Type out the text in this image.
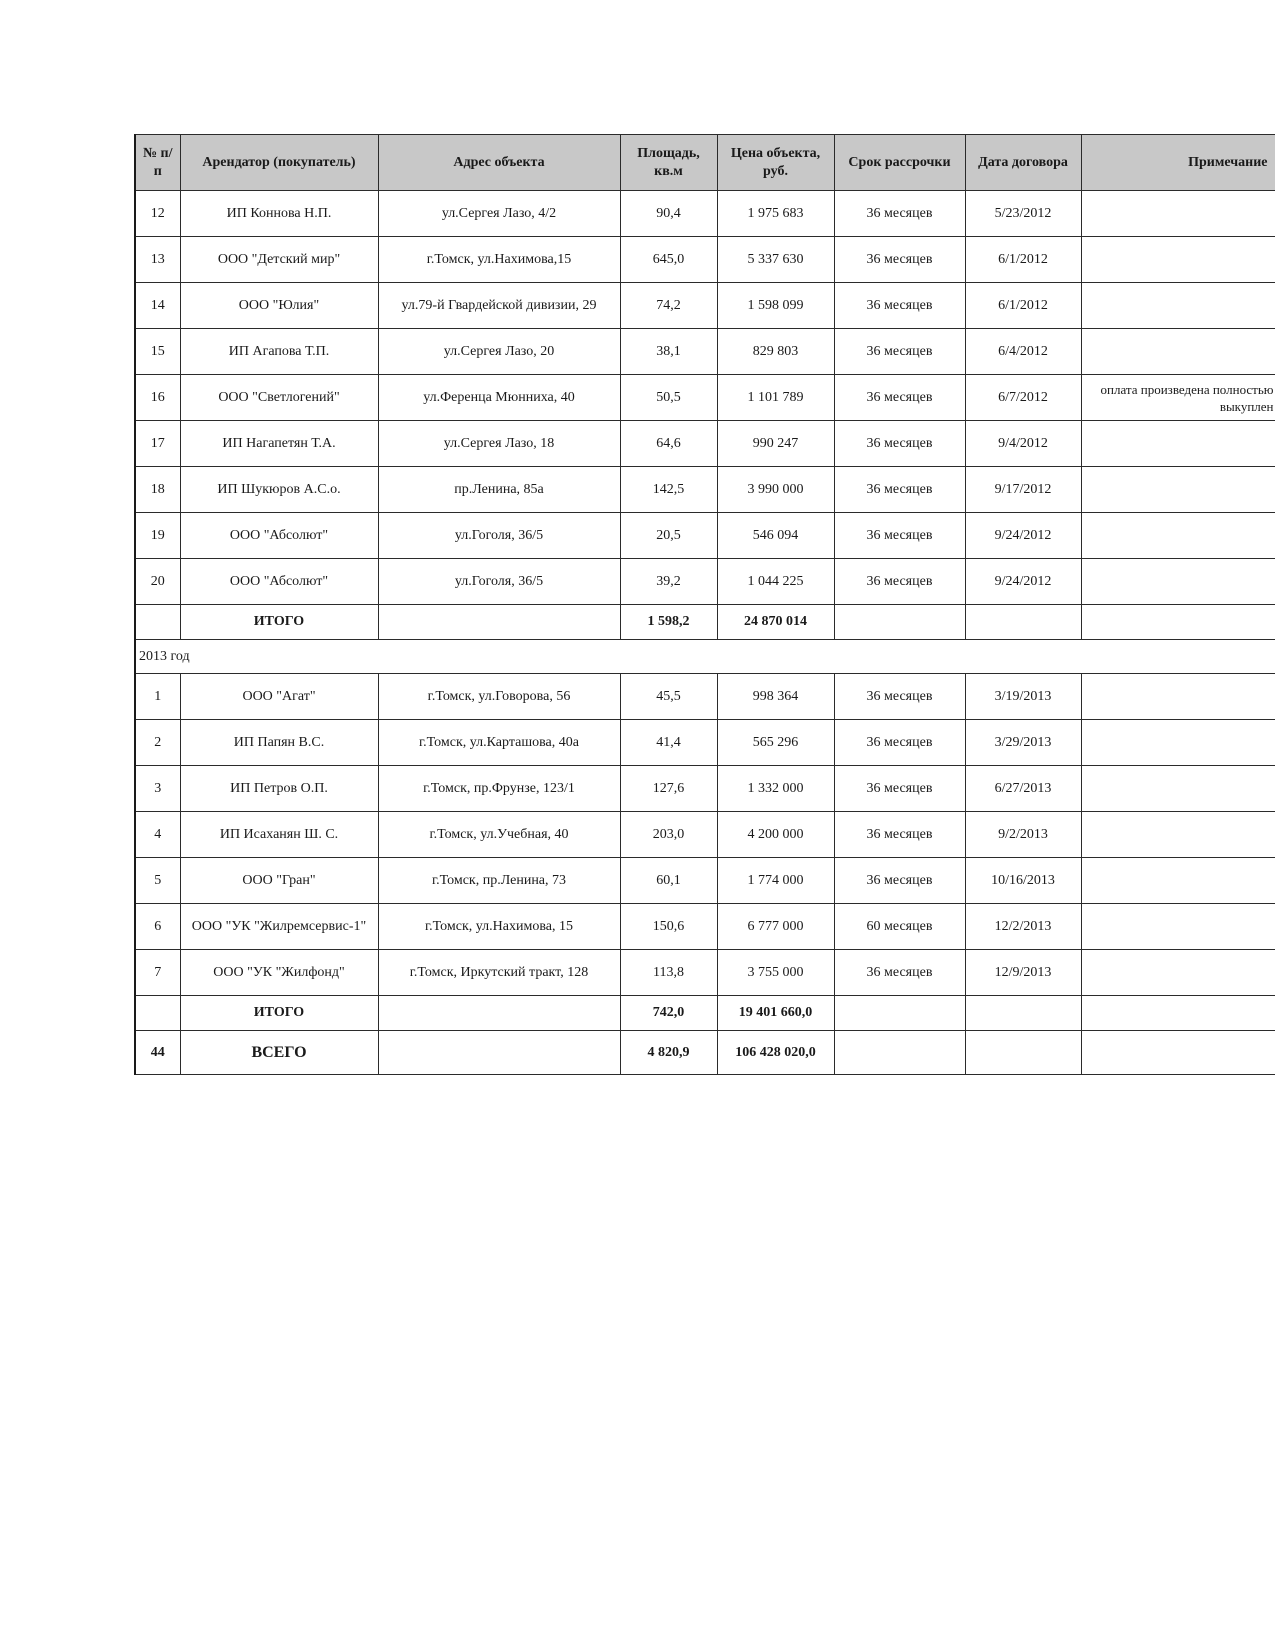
№ п/п	Арендатор (покупатель)	Адрес объекта	Площадь, кв.м	Цена объекта, руб.	Срок рассрочки	Дата договора	Примечание
12	ИП Коннова Н.П.	ул.Сергея Лазо, 4/2	90,4	1 975 683	36 месяцев	5/23/2012	
13	ООО "Детский мир"	г.Томск, ул.Нахимова,15	645,0	5 337 630	36 месяцев	6/1/2012	
14	ООО "Юлия"	ул.79-й Гвардейской дивизии, 29	74,2	1 598 099	36 месяцев	6/1/2012	
15	ИП Агапова Т.П.	ул.Сергея Лазо, 20	38,1	829 803	36 месяцев	6/4/2012	
16	ООО "Светлогений"	ул.Ференца Мюнниха, 40	50,5	1 101 789	36 месяцев	6/7/2012	оплата произведена полностью выкуплен
17	ИП Нагапетян Т.А.	ул.Сергея Лазо, 18	64,6	990 247	36 месяцев	9/4/2012	
18	ИП Шукюров А.С.о.	пр.Ленина, 85а	142,5	3 990 000	36 месяцев	9/17/2012	
19	ООО "Абсолют"	ул.Гоголя, 36/5	20,5	546 094	36 месяцев	9/24/2012	
20	ООО "Абсолют"	ул.Гоголя, 36/5	39,2	1 044 225	36 месяцев	9/24/2012	
	ИТОГО		1 598,2	24 870 014			
2013 год							
1	ООО "Агат"	г.Томск, ул.Говорова, 56	45,5	998 364	36 месяцев	3/19/2013	
2	ИП Папян В.С.	г.Томск, ул.Карташова, 40а	41,4	565 296	36 месяцев	3/29/2013	
3	ИП Петров О.П.	г.Томск, пр.Фрунзе, 123/1	127,6	1 332 000	36 месяцев	6/27/2013	
4	ИП Исаханян Ш. С.	г.Томск, ул.Учебная, 40	203,0	4 200 000	36 месяцев	9/2/2013	
5	ООО "Гран"	г.Томск, пр.Ленина, 73	60,1	1 774 000	36 месяцев	10/16/2013	
6	ООО "УК "Жилремсервис-1"	г.Томск, ул.Нахимова, 15	150,6	6 777 000	60 месяцев	12/2/2013	
7	ООО "УК "Жилфонд"	г.Томск, Иркутский тракт, 128	113,8	3 755 000	36 месяцев	12/9/2013	
	ИТОГО		742,0	19 401 660,0			
44	ВСЕГО		4 820,9	106 428 020,0			
